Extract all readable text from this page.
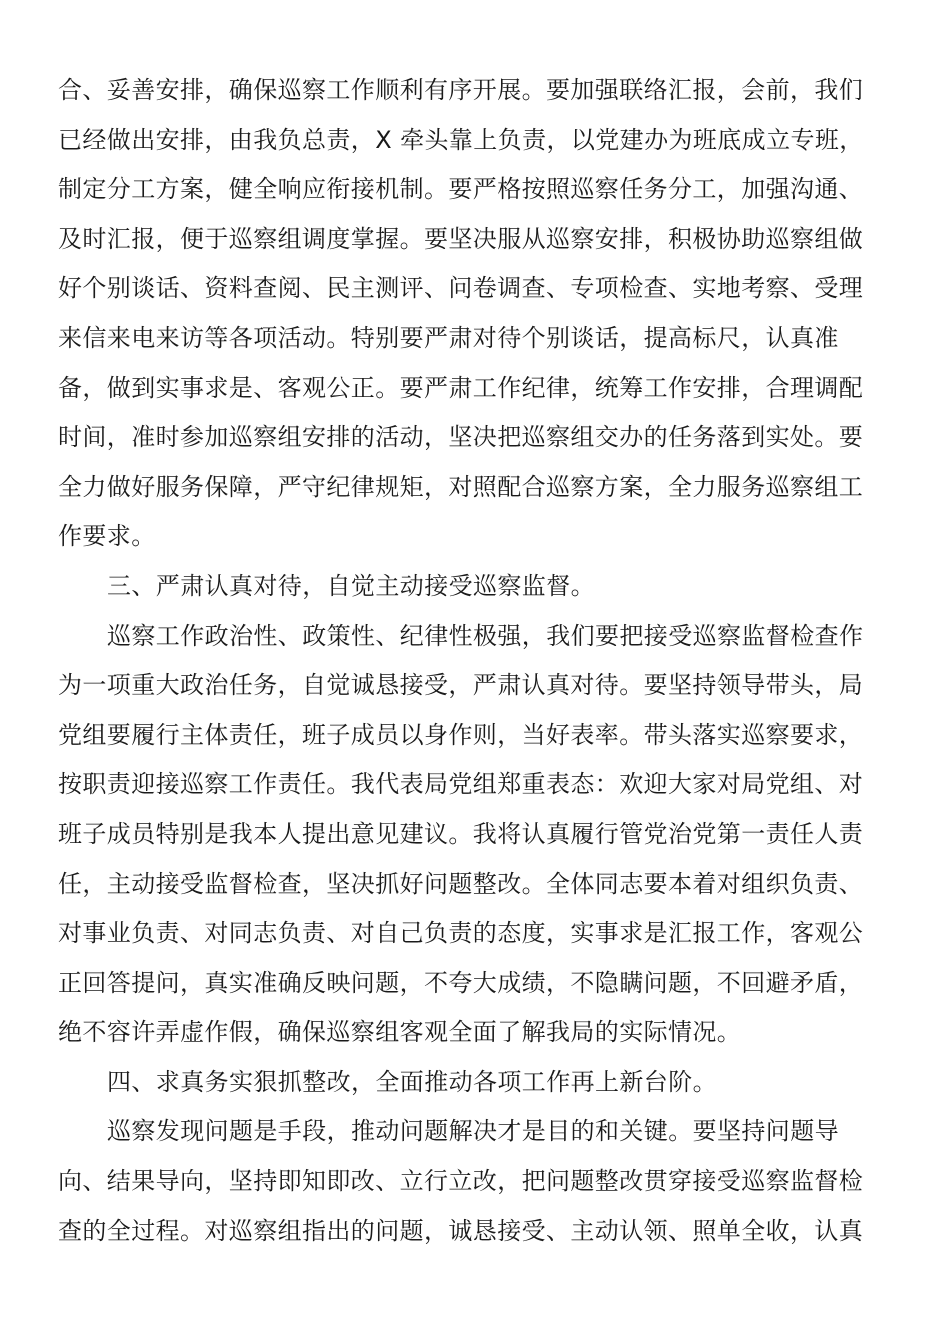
合、妥善安排，确保巡察工作顺利有序开展。要加强联络汇报，会前，我们
已经做出安排，由我负总责，X 牵头靠上负责，以党建办为班底成立专班，
制定分工方案，健全响应衔接机制。要严格按照巡察任务分工，加强沟通、
及时汇报，便于巡察组调度掌握。要坚决服从巡察安排，积极协助巡察组做
好个别谈话、资料查阅、民主测评、问卷调查、专项检查、实地考察、受理
来信来电来访等各项活动。特别要严肃对待个别谈话，提高标尺，认真准
备，做到实事求是、客观公正。要严肃工作纪律，统筹工作安排，合理调配
时间，准时参加巡察组安排的活动，坚决把巡察组交办的任务落到实处。要
全力做好服务保障，严守纪律规矩，对照配合巡察方案，全力服务巡察组工
作要求。
三、严肃认真对待，自觉主动接受巡察监督。
巡察工作政治性、政策性、纪律性极强，我们要把接受巡察监督检查作
为一项重大政治任务，自觉诚恳接受，严肃认真对待。要坚持领导带头，局
党组要履行主体责任，班子成员以身作则，当好表率。带头落实巡察要求，
按职责迎接巡察工作责任。我代表局党组郑重表态：欢迎大家对局党组、对
班子成员特别是我本人提出意见建议。我将认真履行管党治党第一责任人责
任，主动接受监督检查，坚决抓好问题整改。全体同志要本着对组织负责、
对事业负责、对同志负责、对自己负责的态度，实事求是汇报工作，客观公
正回答提问，真实准确反映问题，不夸大成绩，不隐瞒问题，不回避矛盾，
绝不容许弄虚作假，确保巡察组客观全面了解我局的实际情况。
四、求真务实狠抓整改，全面推动各项工作再上新台阶。
巡察发现问题是手段，推动问题解决才是目的和关键。要坚持问题导
向、结果导向，坚持即知即改、立行立改，把问题整改贯穿接受巡察监督检
查的全过程。对巡察组指出的问题，诚恳接受、主动认领、照单全收，认真
